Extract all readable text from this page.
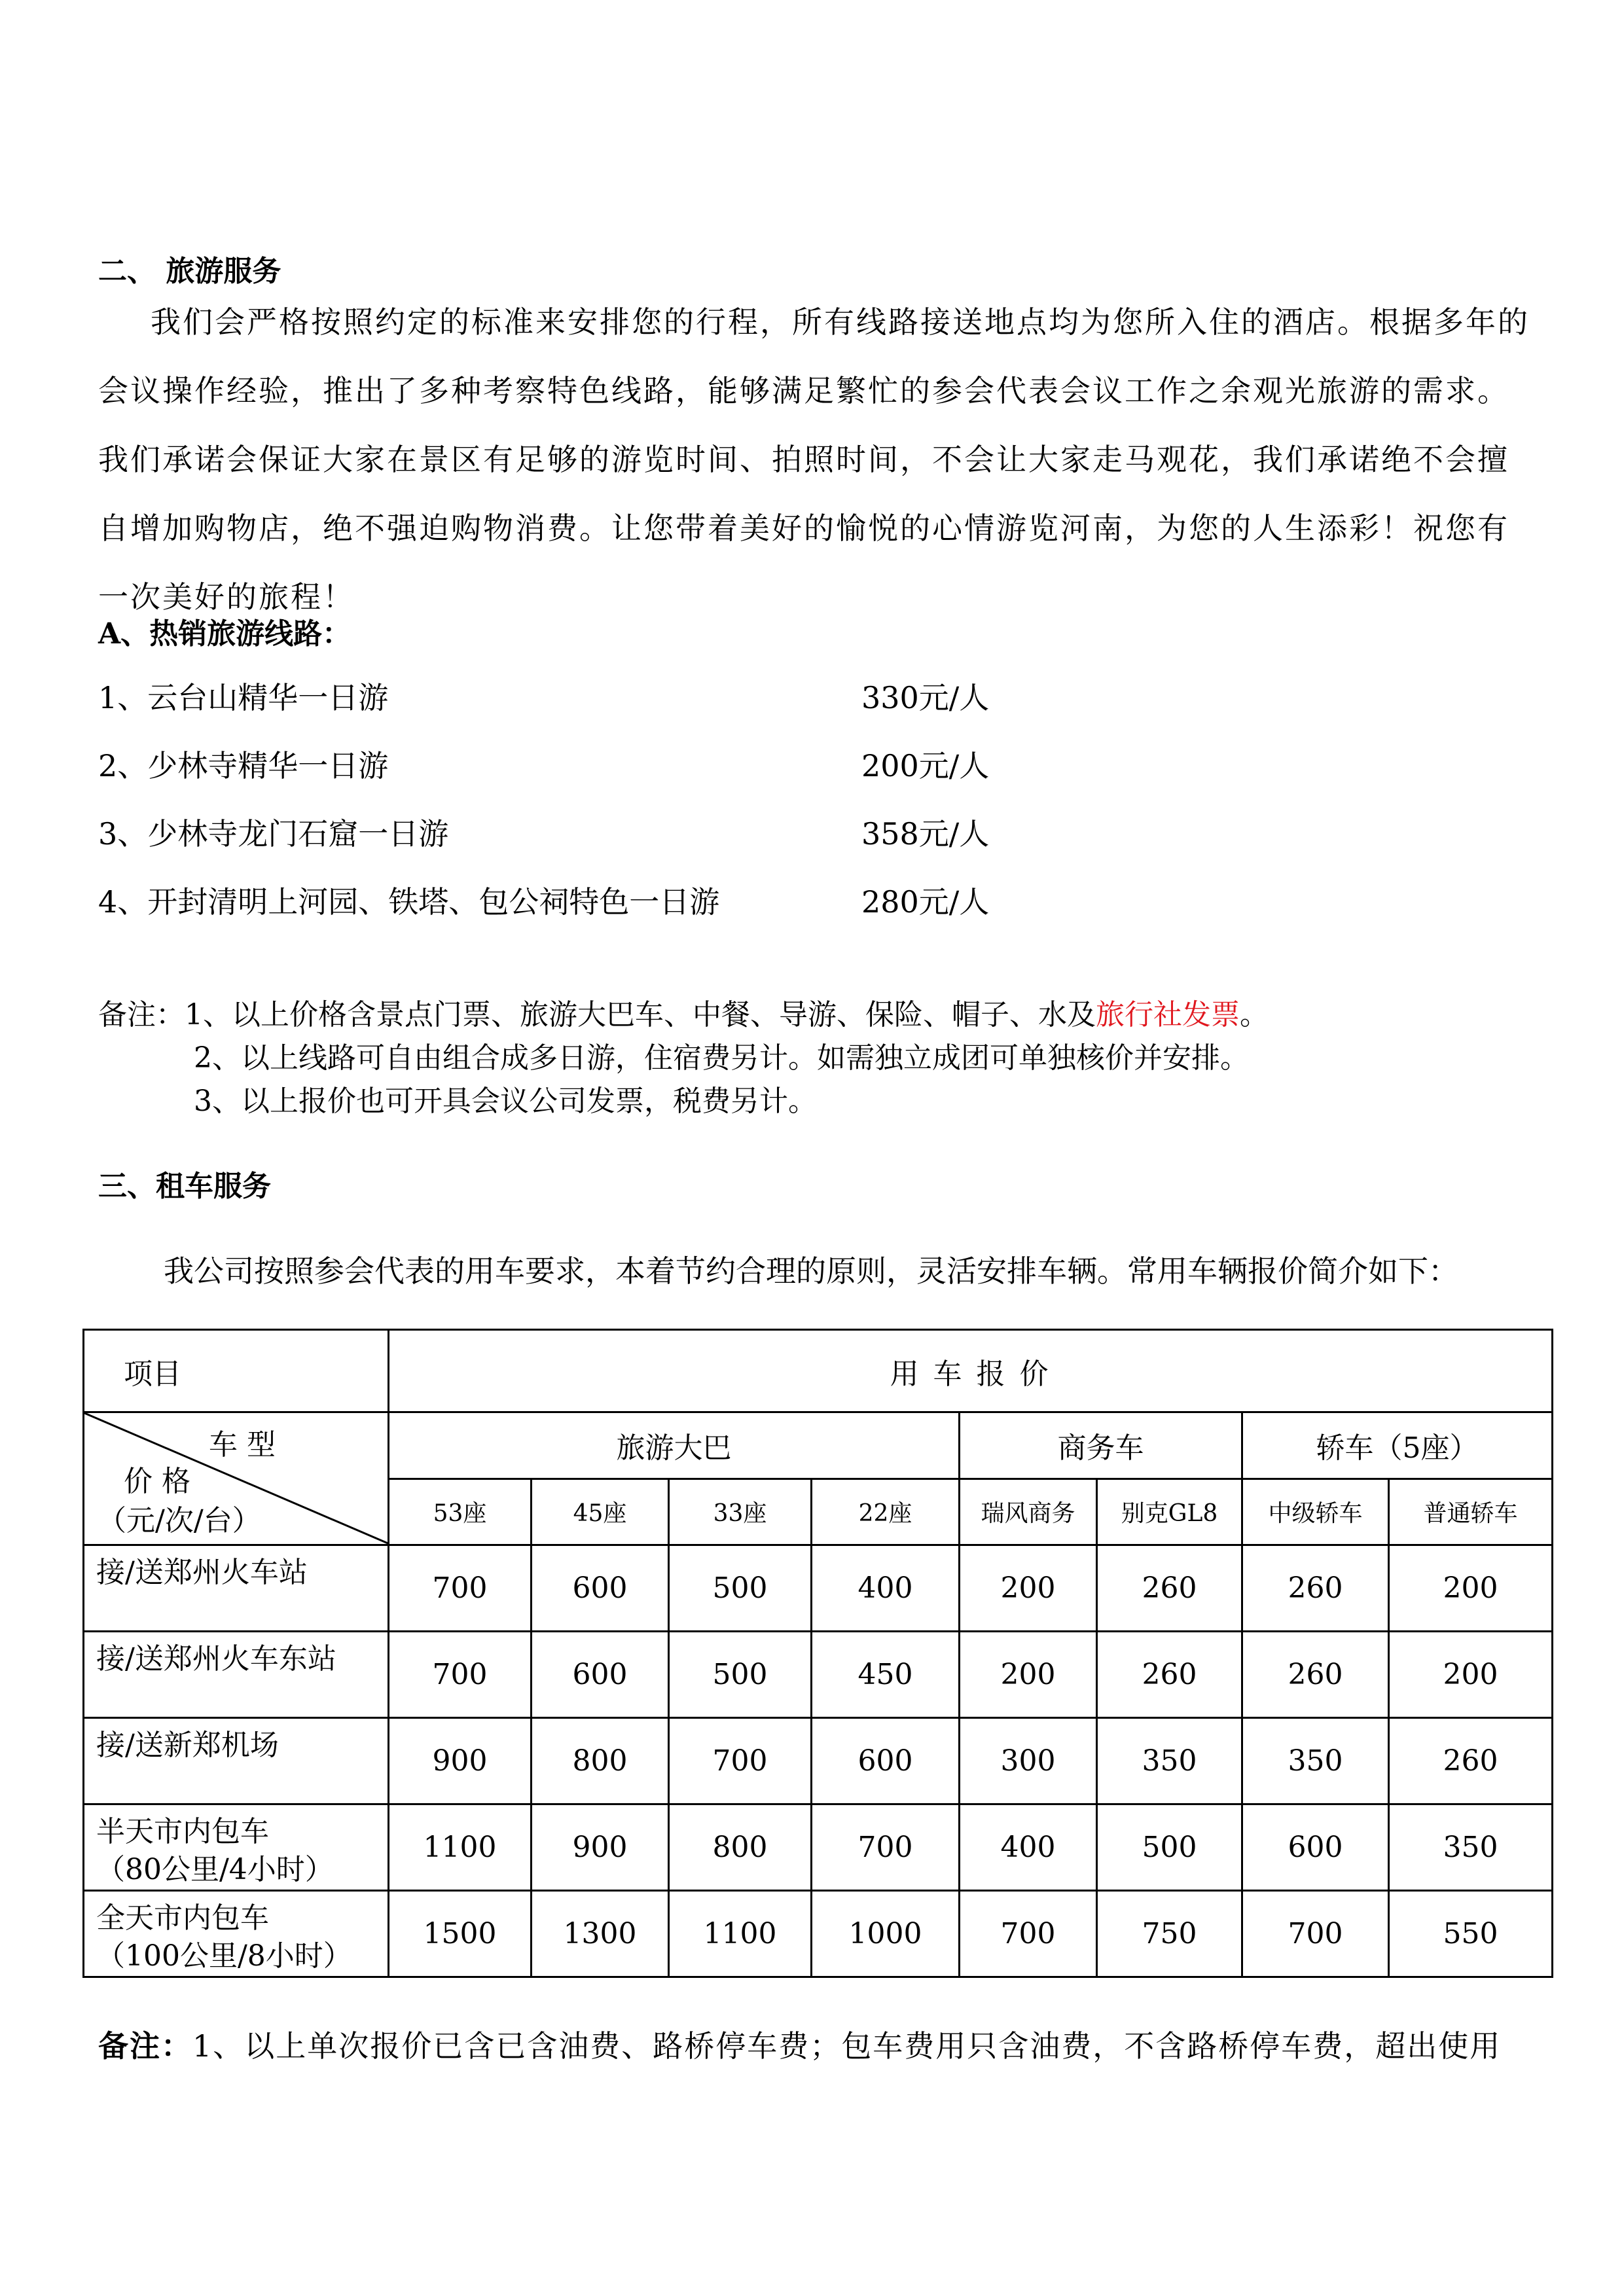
二、 旅游服务
我们会严格按照约定的标准来安排您的行程，所有线路接送地点均为您所入住的酒店。根据多年的会议操作经验，推出了多种考察特色线路，能够满足繁忙的参会代表会议工作之余观光旅游的需求。我们承诺会保证大家在景区有足够的游览时间、拍照时间，不会让大家走马观花，我们承诺绝不会擅自增加购物店，绝不强迫购物消费。让您带着美好的愉悦的心情游览河南，为您的人生添彩！祝您有一次美好的旅程！
A、热销旅游线路：
1、云台山精华一日游	330元/人
2、少林寺精华一日游	200元/人
3、少林寺龙门石窟一日游	358元/人
4、开封清明上河园、铁塔、包公祠特色一日游	280元/人
备注：1、以上价格含景点门票、旅游大巴车、中餐、导游、保险、帽子、水及旅行社发票。
2、以上线路可自由组合成多日游，住宿费另计。如需独立成团可单独核价并安排。
3、以上报价也可开具会议公司发票，税费另计。
三、租车服务
我公司按照参会代表的用车要求，本着节约合理的原则，灵活安排车辆。常用车辆报价简介如下：
项目	用 车 报 价							

车 型
价 格
（元/次/台）	旅游大巴				商务车		轿车（5座）	
	53座	45座	33座	22座	瑞风商务	别克GL8	中级轿车	普通轿车

接/送郑州火车站	700	600	500	400	200	260	260	200

接/送郑州火车东站	700	600	500	450	200	260	260	200

接/送新郑机场	900	800	700	600	300	350	350	260

半天市内包车
（80公里/4小时）	1100	900	800	700	400	500	600	350

全天市内包车
（100公里/8小时）	1500	1300	1100	1000	700	750	700	550
备注：1、以上单次报价已含已含油费、路桥停车费；包车费用只含油费，不含路桥停车费，超出使用
